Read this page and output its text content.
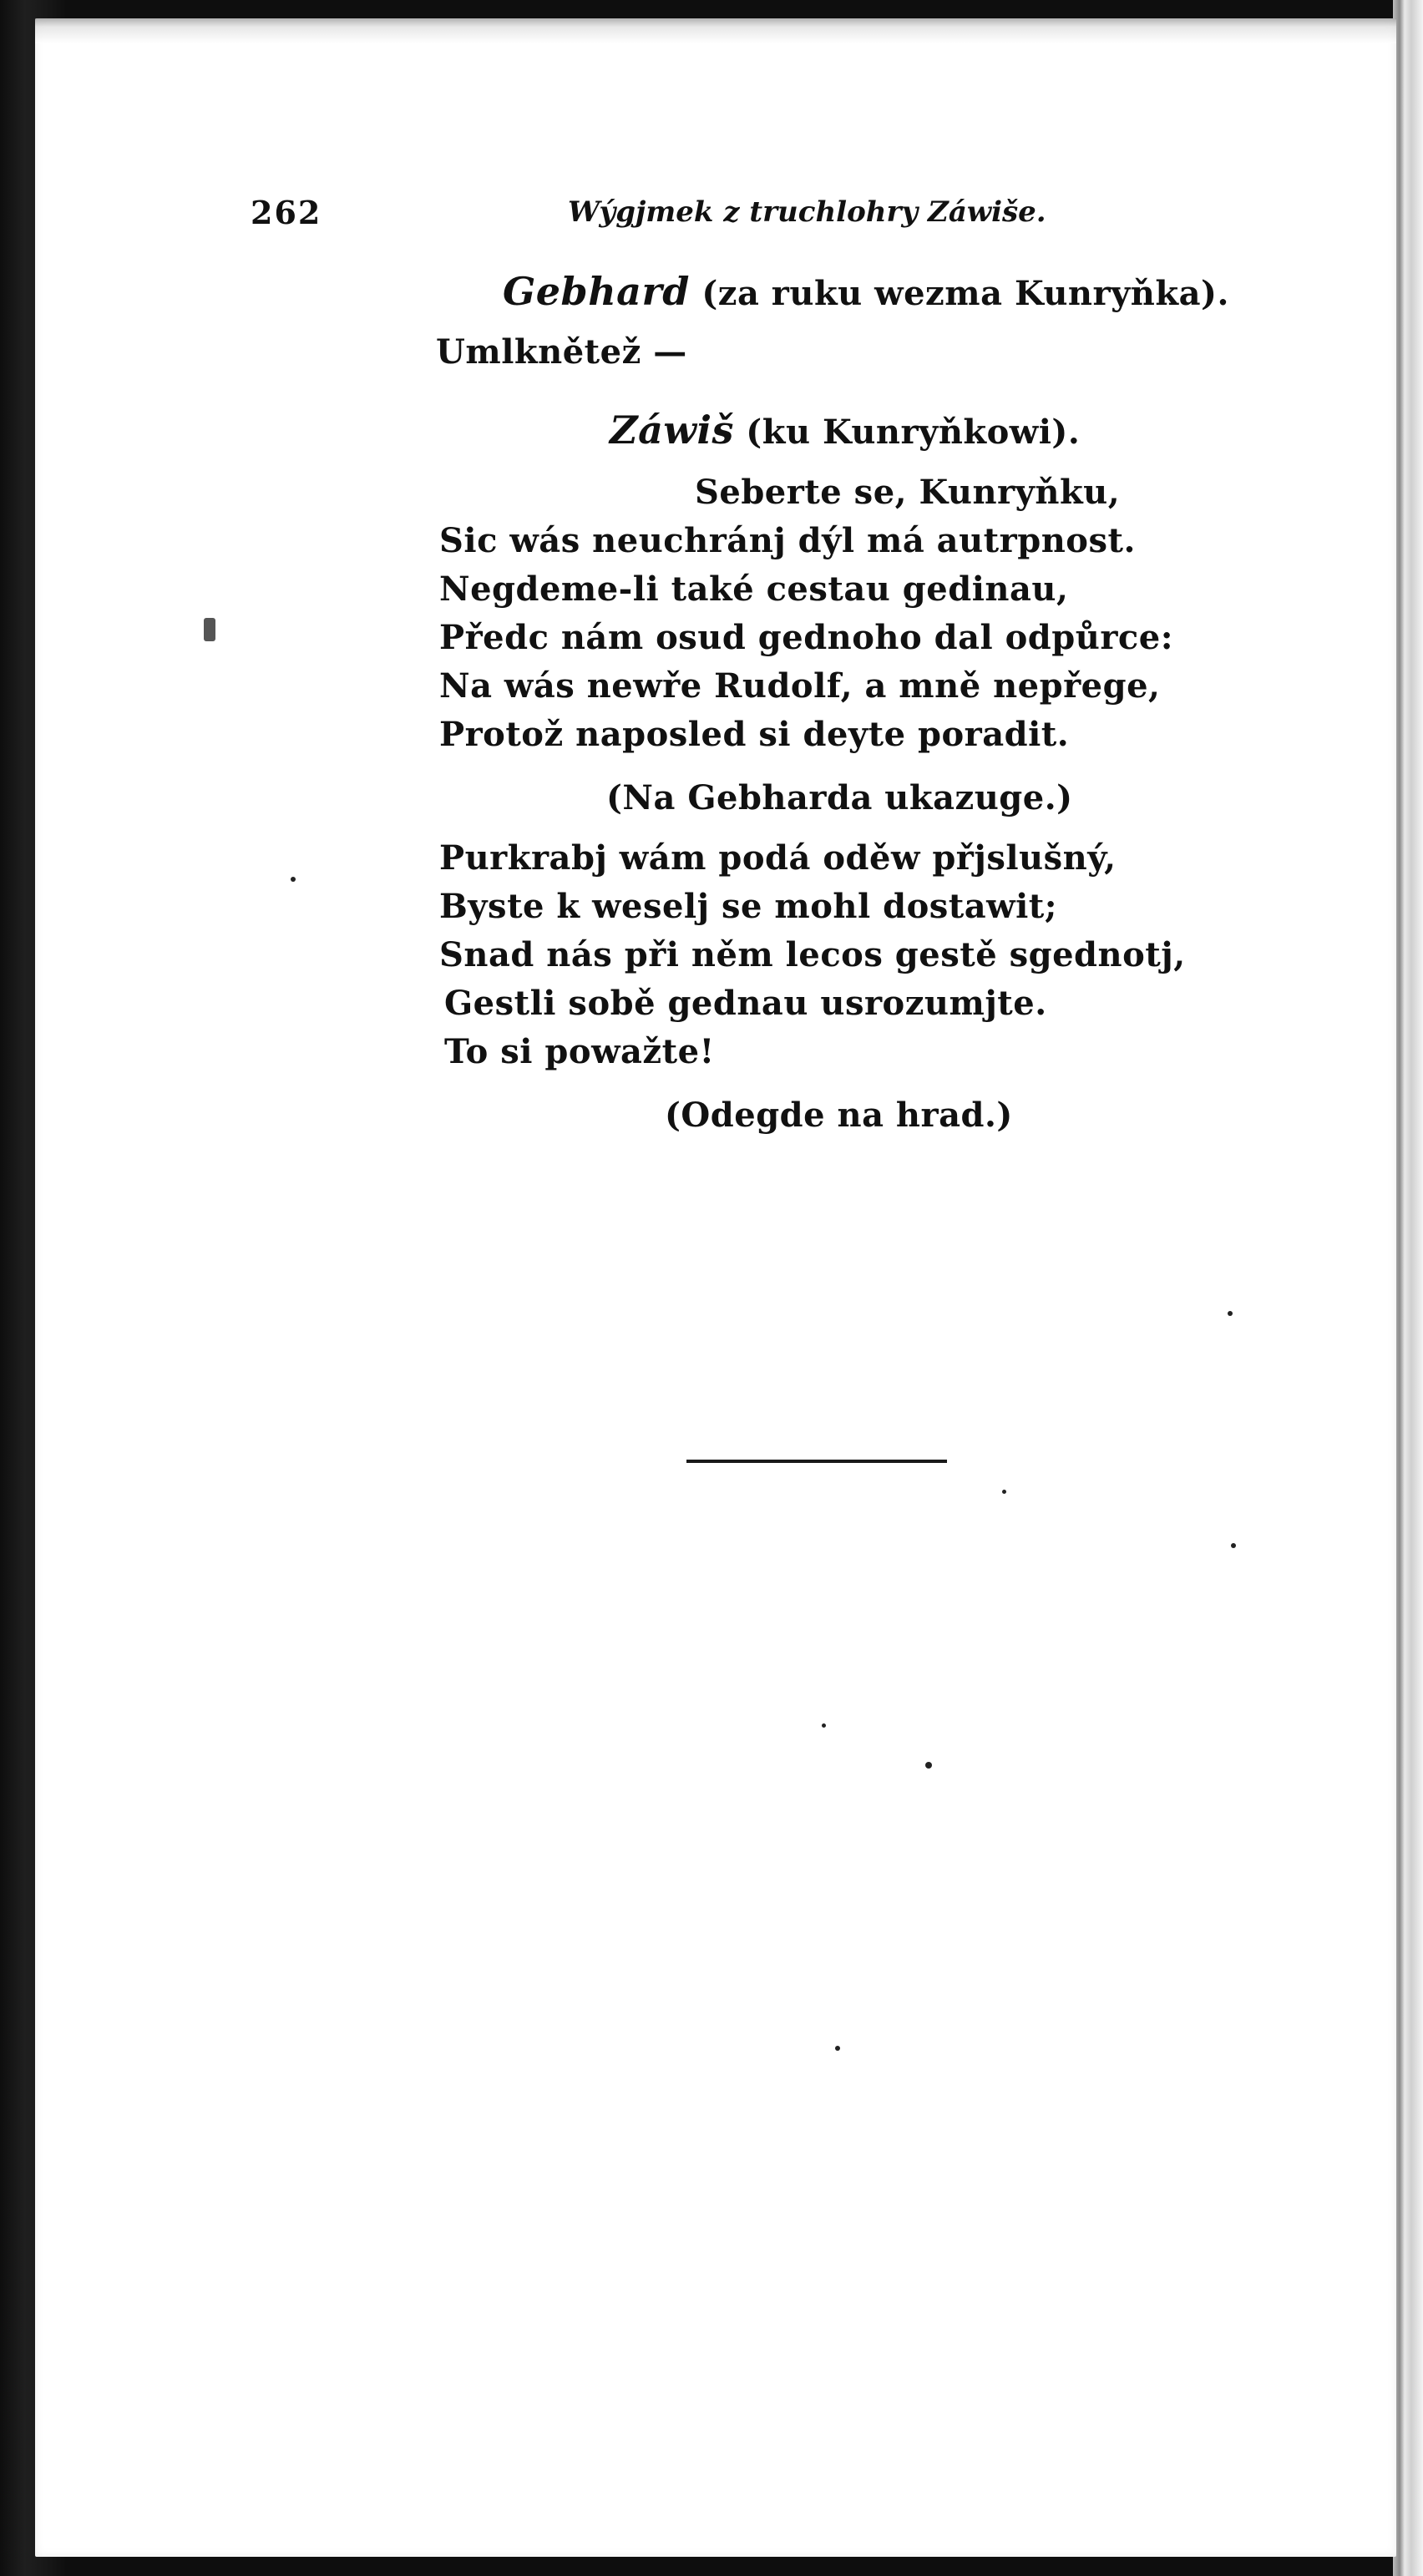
262	Wýgjmek z truchlohry Záwiše.
Gebhard (za ruku wezma Kunryňka).
Umlknětež —
Záwiš (ku Kunryňkowi).
Seberte se, Kunryňku,
Sic wás neuchránj dýl má autrpnost.
Negdeme-li také cestau gedinau,
Předc nám osud gednoho dal odpůrce:
Na wás newře Rudolf, a mně nepřege,
Protož naposled si deyte poradit.
(Na Gebharda ukazuge.)
Purkrabj wám podá oděw přjslušný,
Byste k weselj se mohl dostawit;
Snad nás při něm lecos gestě sgednotj,
Gestli sobě gednau usrozumjte.
To si powažte!
(Odegde na hrad.)
